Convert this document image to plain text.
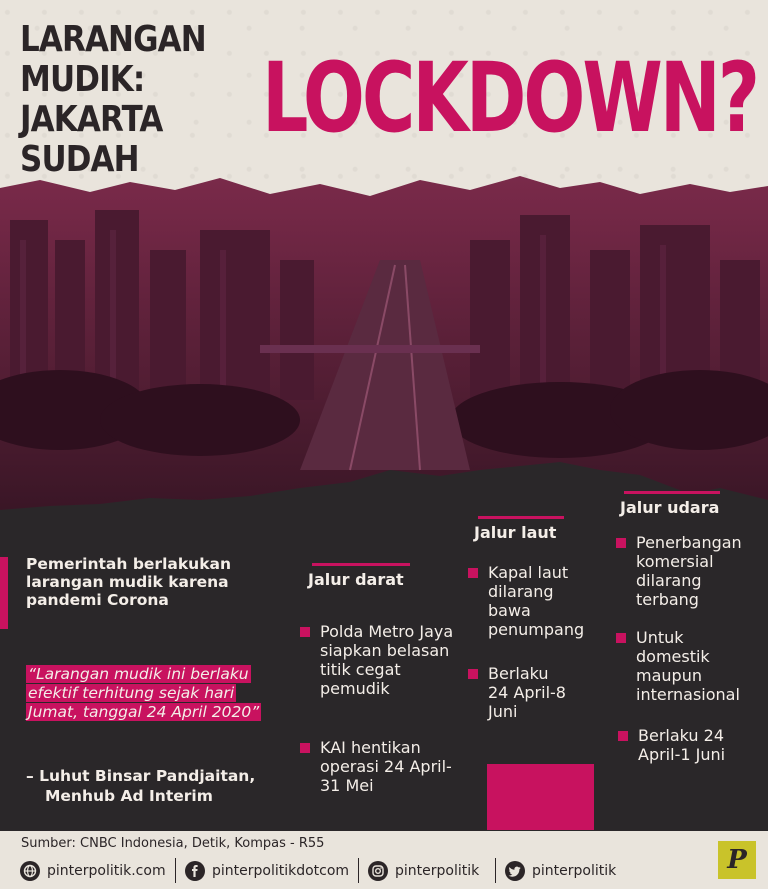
LARANGAN
MUDIK:
JAKARTA SUDAH
LOCKDOWN?
Pemerintah berlakukan larangan mudik karena pandemi Corona
“Larangan mudik ini berlaku efektif terhitung sejak hari Jumat, tanggal 24 April 2020”
– Luhut Binsar Pandjaitan,
Menhub Ad Interim
Jalur darat
Polda Metro Jaya siapkan belasan titik cegat pemudik
KAI hentikan operasi 24 April-31 Mei
Jalur laut
Kapal laut dilarang bawa penumpang
Berlaku 24 April-8 Juni
Jalur udara
Penerbangan komersial dilarang terbang
Untuk domestik maupun internasional
Berlaku 24 April-1 Juni
Sumber: CNBC Indonesia, Detik, Kompas - R55
pinterpolitik.com	pinterpolitikdotcom	pinterpolitik	pinterpolitik	P
